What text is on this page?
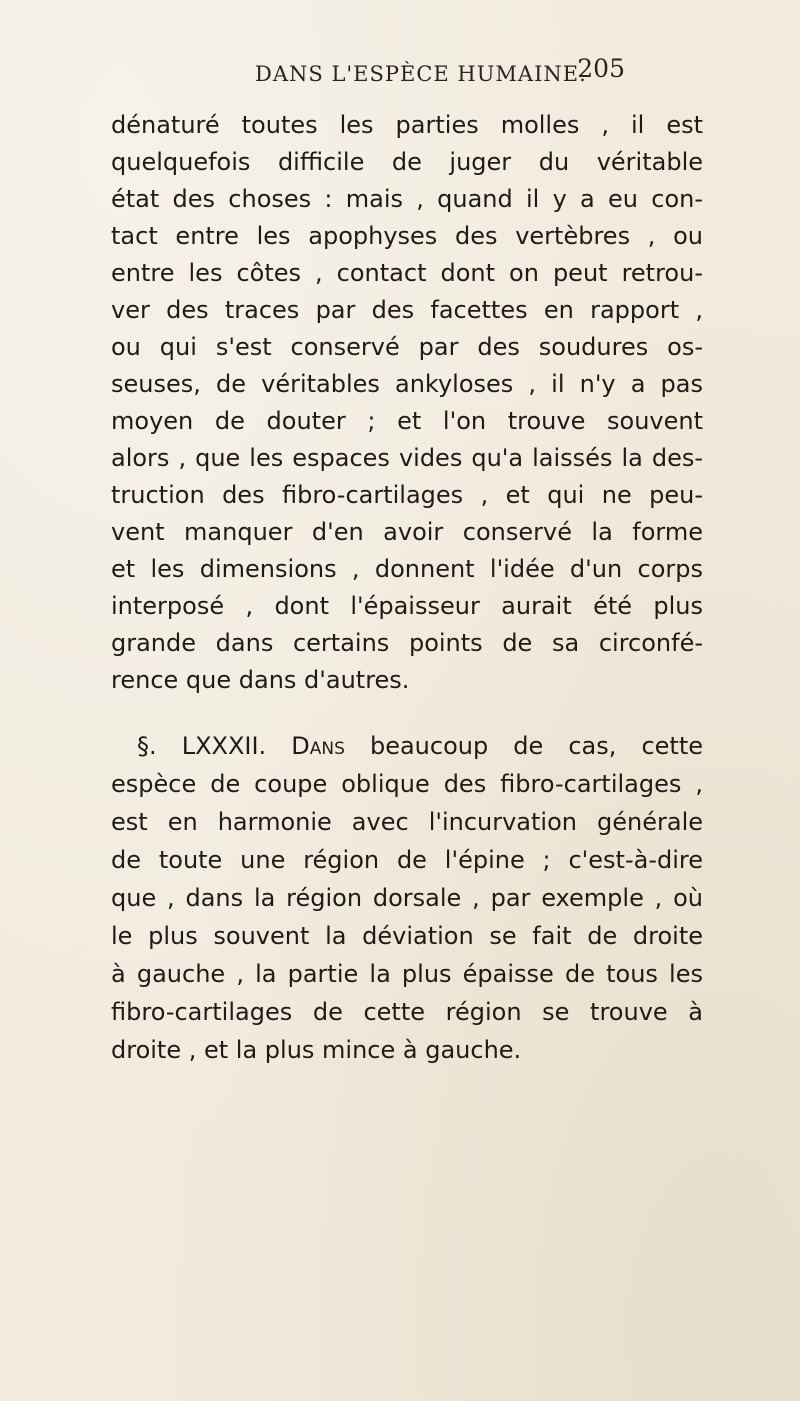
DANS L'ESPÈCE HUMAINE.
205
dénaturé toutes les parties molles , il est
quelquefois difficile de juger du véritable
état des choses : mais , quand il y a eu con-
tact entre les apophyses des vertèbres , ou
entre les côtes , contact dont on peut retrou-
ver des traces par des facettes en rapport ,
ou qui s'est conservé par des soudures os-
seuses, de véritables ankyloses , il n'y a pas
moyen de douter ; et l'on trouve souvent
alors , que les espaces vides qu'a laissés la des-
truction des fibro-cartilages , et qui ne peu-
vent manquer d'en avoir conservé la forme
et les dimensions , donnent l'idée d'un corps
interposé , dont l'épaisseur aurait été plus
grande dans certains points de sa circonfé-
rence que dans d'autres.
§. LXXXII. Dans beaucoup de cas, cette
espèce de coupe oblique des fibro-cartilages ,
est en harmonie avec l'incurvation générale
de toute une région de l'épine ; c'est-à-dire
que , dans la région dorsale , par exemple , où
le plus souvent la déviation se fait de droite
à gauche , la partie la plus épaisse de tous les
fibro-cartilages de cette région se trouve à
droite , et la plus mince à gauche.
